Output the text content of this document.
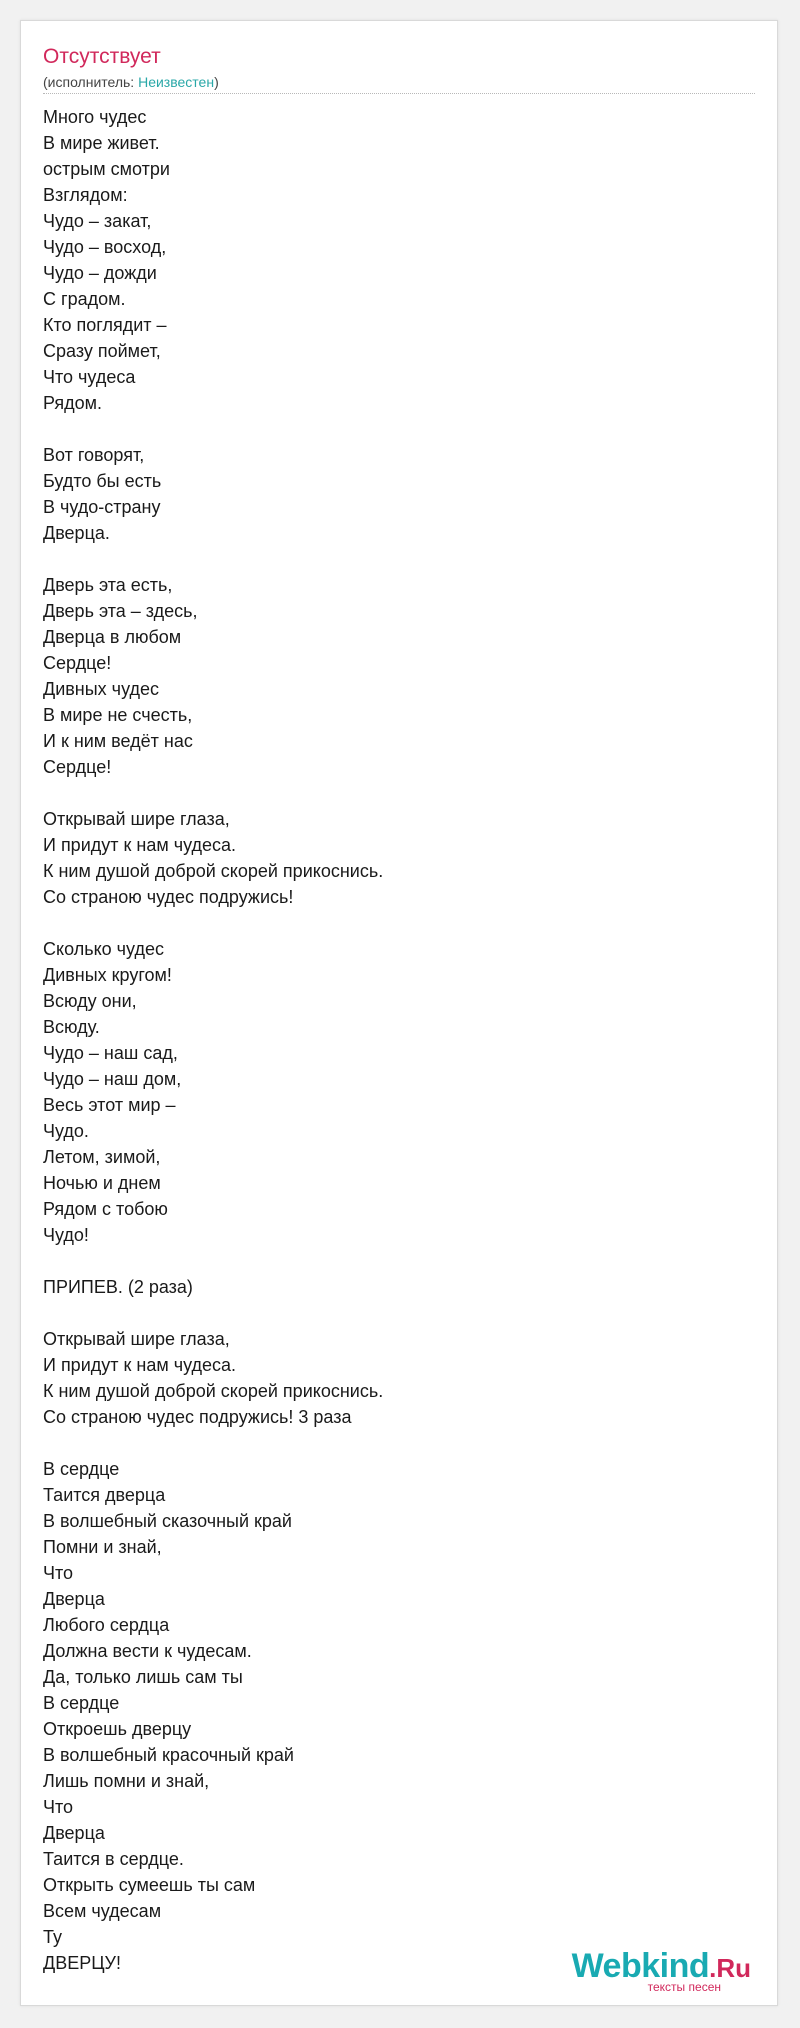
Отсутствует
(исполнитель: Неизвестен)
Много чудес
В мире живет.
острым смотри
Взглядом:
Чудо – закат,
Чудо – восход,
Чудо – дожди
С градом.
Кто поглядит –
Сразу поймет,
Что чудеса
Рядом.
Вот говорят,
Будто бы есть
В чудо-страну
Дверца.
Дверь эта есть,
Дверь эта – здесь,
Дверца в любом
Сердце!
Дивных чудес
В мире не счесть,
И к ним ведёт нас
Сердце!
Открывай шире глаза,
И придут к нам чудеса.
К ним душой доброй скорей прикоснись.
Со страною чудес подружись!
Сколько чудес
Дивных кругом!
Всюду они,
Всюду.
Чудо – наш сад,
Чудо – наш дом,
Весь этот мир –
Чудо.
Летом, зимой,
Ночью и днем
Рядом с тобою
Чудо!
ПРИПЕВ. (2 раза)
Открывай шире глаза,
И придут к нам чудеса.
К ним душой доброй скорей прикоснись.
Со страною чудес подружись! 3 раза
В сердце
Таится дверца
В волшебный сказочный край
Помни и знай,
Что
Дверца
Любого сердца
Должна вести к чудесам.
Да, только лишь сам ты
В сердце
Откроешь дверцу
В волшебный красочный край
Лишь помни и знай,
Что
Дверца
Таится в сердце.
Открыть сумеешь ты сам
Всем чудесам
Ту
ДВЕРЦУ!	Webkind.Ru
тексты песен
